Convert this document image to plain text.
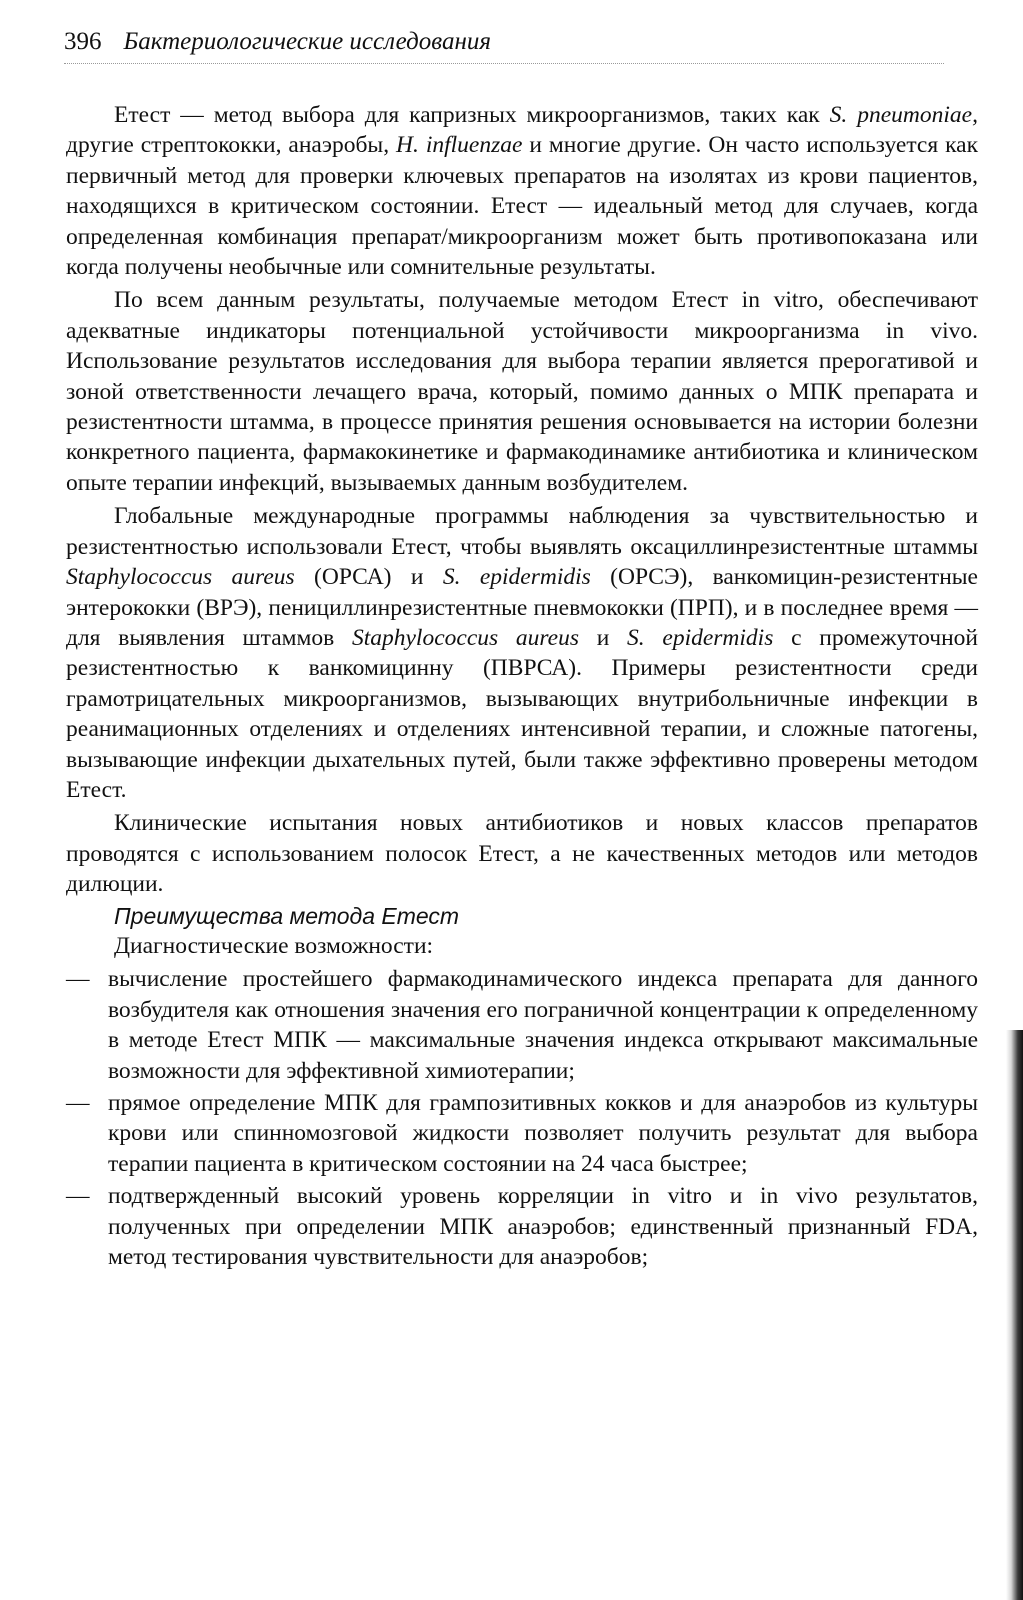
396 Бактериологические исследования

Етест — метод выбора для капризных микроорганизмов, таких как S. pneumoniae, другие стрептококки, анаэробы, H. influenzae и многие другие. Он часто используется как первичный метод для проверки ключевых препаратов на изолятах из крови пациентов, находящихся в критическом состоянии. Етест — идеальный метод для случаев, когда определенная комбинация препарат/микроорганизм может быть противопоказана или когда получены необычные или сомнительные результаты.

По всем данным результаты, получаемые методом Етест in vitro, обеспечивают адекватные индикаторы потенциальной устойчивости микроорганизма in vivo. Использование результатов исследования для выбора терапии является прерогативой и зоной ответственности лечащего врача, который, помимо данных о МПК препарата и резистентности штамма, в процессе принятия решения основывается на истории болезни конкретного пациента, фармакокинетике и фармакодинамике антибиотика и клиническом опыте терапии инфекций, вызываемых данным возбудителем.

Глобальные международные программы наблюдения за чувствительностью и резистентностью использовали Етест, чтобы выявлять оксациллинрезистентные штаммы Staphylococcus aureus (ОРСА) и S. epidermidis (ОРСЭ), ванкомицин-резистентные энтерококки (ВРЭ), пенициллинрезистентные пневмококки (ПРП), и в последнее время — для выявления штаммов Staphylococcus aureus и S. epidermidis с промежуточной резистентностью к ванкомицинну (ПВРСА). Примеры резистентности среди грамотрицательных микроорганизмов, вызывающих внутрибольничные инфекции в реанимационных отделениях и отделениях интенсивной терапии, и сложные патогены, вызывающие инфекции дыхательных путей, были также эффективно проверены методом Етест.

Клинические испытания новых антибиотиков и новых классов препаратов проводятся с использованием полосок Етест, а не качественных методов или методов дилюции.

Преимущества метода Етест

Диагностические возможности:

— вычисление простейшего фармакодинамического индекса препарата для данного возбудителя как отношения значения его пограничной концентрации к определенному в методе Етест МПК — максимальные значения индекса открывают максимальные возможности для эффективной химиотерапии;
— прямое определение МПК для грампозитивных кокков и для анаэробов из культуры крови или спинномозговой жидкости позволяет получить результат для выбора терапии пациента в критическом состоянии на 24 часа быстрее;
— подтвержденный высокий уровень корреляции in vitro и in vivo результатов, полученных при определении МПК анаэробов; единственный признанный FDA, метод тестирования чувствительности для анаэробов;
